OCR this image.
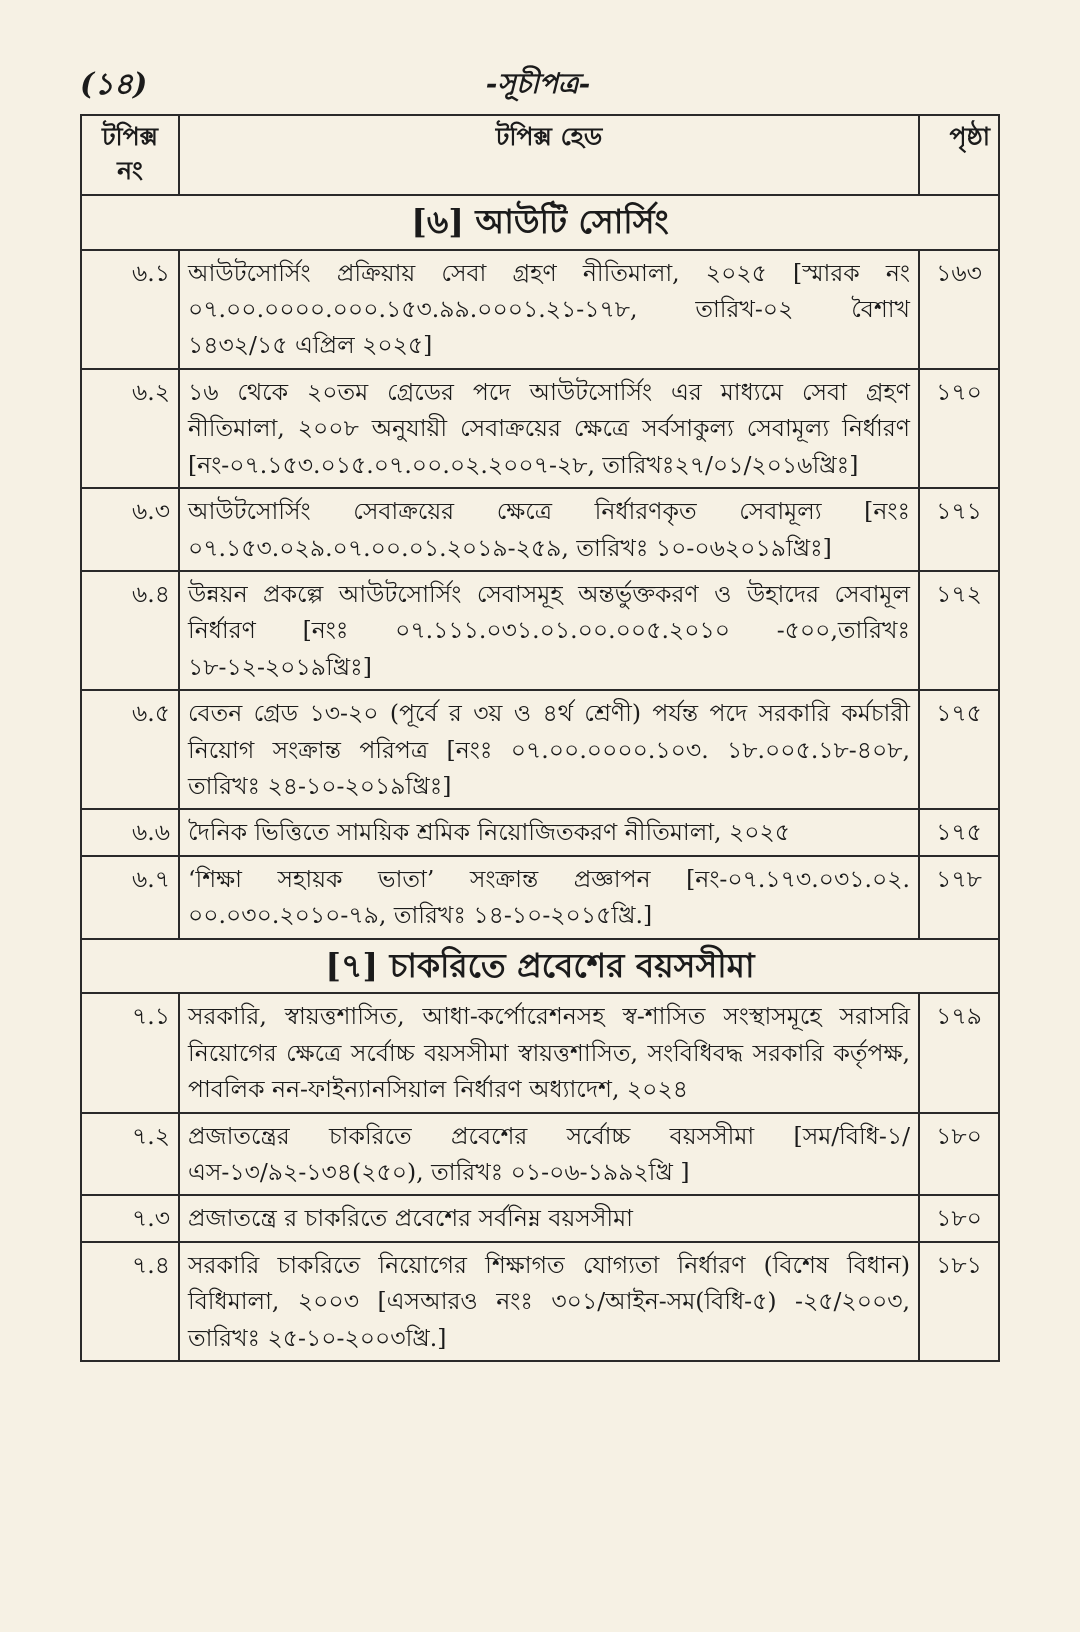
(১৪)	-সূচীপত্র-
টপিক্স নং	টপিক্স হেড	পৃষ্ঠা
[৬] আউটি সোর্সিং		
৬.১	আউটসোর্সিং প্রক্রিয়ায় সেবা গ্রহণ নীতিমালা, ২০২৫ [স্মারক নং ০৭.০০.০০০০.০০০.১৫৩.৯৯.০০০১.২১-১৭৮, তারিখ-০২ বৈশাখ ১৪৩২/১৫ এপ্রিল ২০২৫]	১৬৩
৬.২	১৬ থেকে ২০তম গ্রেডের পদে আউটসোর্সিং এর মাধ্যমে সেবা গ্রহণ নীতিমালা, ২০০৮ অনুযায়ী সেবাক্রয়ের ক্ষেত্রে সর্বসাকুল্য সেবামূল্য নির্ধারণ [নং-০৭.১৫৩.০১৫.০৭.০০.০২.২০০৭-২৮, তারিখঃ২৭/০১/২০১৬খ্রিঃ]	১৭০
৬.৩	আউটসোর্সিং সেবাক্রয়ের ক্ষেত্রে নির্ধারণকৃত সেবামূল্য [নংঃ ০৭.১৫৩.০২৯.০৭.০০.০১.২০১৯-২৫৯, তারিখঃ ১০-০৬২০১৯খ্রিঃ]	১৭১
৬.৪	উন্নয়ন প্রকল্পে আউটসোর্সিং সেবাসমূহ অন্তর্ভুক্তকরণ ও উহাদের সেবামূল নির্ধারণ [নংঃ ০৭.১১১.০৩১.০১.০০.০০৫.২০১০ -৫০০,তারিখঃ ১৮-১২-২০১৯খ্রিঃ]	১৭২
৬.৫	বেতন গ্রেড ১৩-২০ (পূর্বে র ৩য় ও ৪র্থ শ্রেণী) পর্যন্ত পদে সরকারি কর্মচারী নিয়োগ সংক্রান্ত পরিপত্র [নংঃ ০৭.০০.০০০০.১০৩. ১৮.০০৫.১৮-৪০৮, তারিখঃ ২৪-১০-২০১৯খ্রিঃ]	১৭৫
৬.৬	দৈনিক ভিত্তিতে সাময়িক শ্রমিক নিয়োজিতকরণ নীতিমালা, ২০২৫	১৭৫
৬.৭	‘শিক্ষা সহায়ক ভাতা’ সংক্রান্ত প্রজ্ঞাপন [নং-০৭.১৭৩.০৩১.০২. ০০.০৩০.২০১০-৭৯, তারিখঃ ১৪-১০-২০১৫খ্রি.]	১৭৮
[৭] চাকরিতে প্রবেশের বয়সসীমা		
৭.১	সরকারি, স্বায়ত্তশাসিত, আধা-কর্পোরেশনসহ স্ব-শাসিত সংস্থাসমূহে সরাসরি নিয়োগের ক্ষেত্রে সর্বোচ্চ বয়সসীমা স্বায়ত্তশাসিত, সংবিধিবদ্ধ সরকারি কর্তৃপক্ষ, পাবলিক নন-ফাইন্যানসিয়াল নির্ধারণ অধ্যাদেশ, ২০২৪	১৭৯
৭.২	প্রজাতন্ত্রের চাকরিতে প্রবেশের সর্বোচ্চ বয়সসীমা [সম/বিধি-১/এস-১৩/৯২-১৩৪(২৫০), তারিখঃ ০১-০৬-১৯৯২খ্রি ]	১৮০
৭.৩	প্রজাতন্ত্রে র চাকরিতে প্রবেশের সর্বনিম্ন বয়সসীমা	১৮০
৭.৪	সরকারি চাকরিতে নিয়োগের শিক্ষাগত যোগ্যতা নির্ধারণ (বিশেষ বিধান) বিধিমালা, ২০০৩ [এসআরও নংঃ ৩০১/আইন-সম(বিধি-৫) -২৫/২০০৩, তারিখঃ ২৫-১০-২০০৩খ্রি.]	১৮১
